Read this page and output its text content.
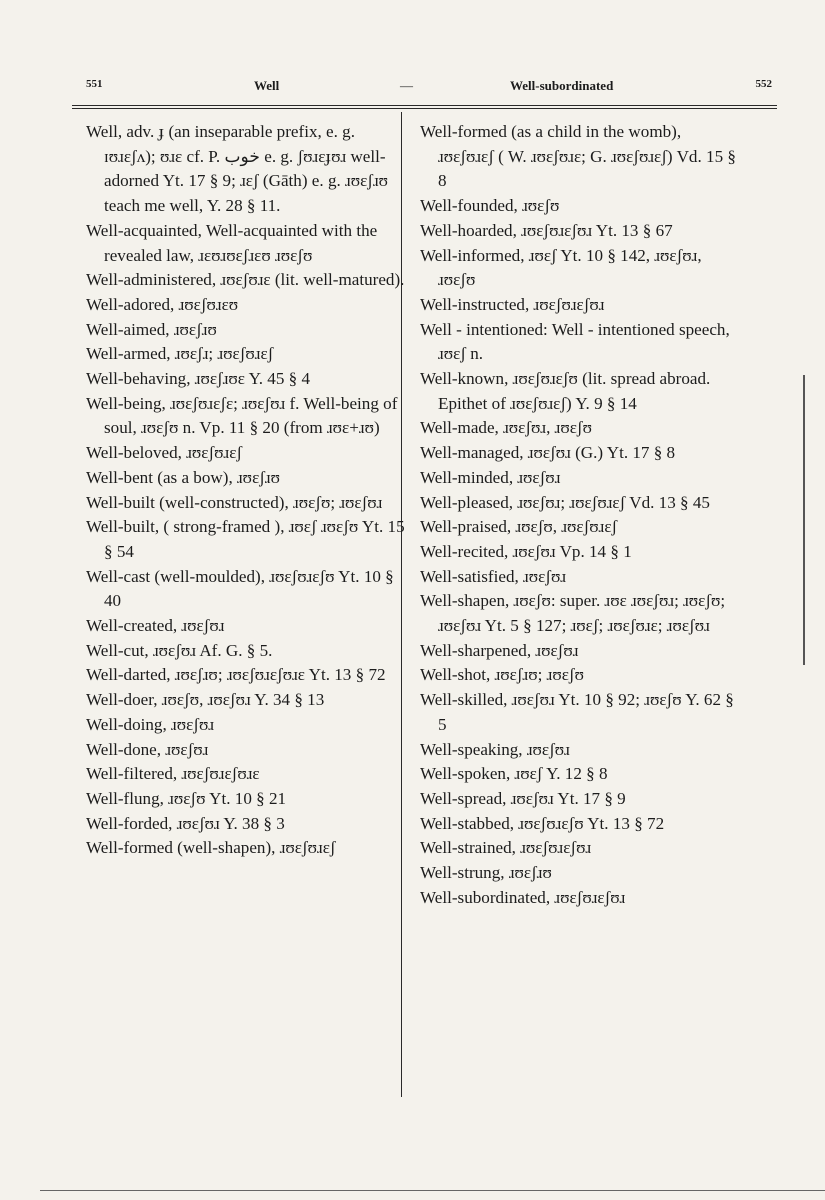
551	Well	—	Well-subordinated	552
Well, adv. ɟ (an inseparable prefix, e. g. ɪʊɹɛʃʌ); ʊɹɛ cf. P. خوب e. g. ʃʊɹɛɟʊɹ well-adorned Yt. 17 § 9; ɹɛʃ (Gāth) e. g. ɹʊɛʃɹʊ teach me well, Y. 28 § 11.
Well-acquainted, Well-acquainted with the revealed law, ɹɛʊɹʊɛʃɹɛʊ ɹʊɛʃʊ
Well-administered, ɹʊɛʃʊɹɛ (lit. well-matured).
Well-adored, ɹʊɛʃʊɹɛʊ
Well-aimed, ɹʊɛʃɹʊ
Well-armed, ɹʊɛʃɹ; ɹʊɛʃʊɹɛʃ
Well-behaving, ɹʊɛʃɹʊɛ Y. 45 § 4
Well-being, ɹʊɛʃʊɹɛʃɛ; ɹʊɛʃʊɹ f. Well-being of soul, ɹʊɛʃʊ n. Vp. 11 § 20 (from ɹʊɛ+ɹʊ)
Well-beloved, ɹʊɛʃʊɹɛʃ
Well-bent (as a bow), ɹʊɛʃɹʊ
Well-built (well-constructed), ɹʊɛʃʊ; ɹʊɛʃʊɹ
Well-built, ( strong-framed ), ɹʊɛʃ ɹʊɛʃʊ Yt. 15 § 54
Well-cast (well-moulded), ɹʊɛʃʊɹɛʃʊ Yt. 10 § 40
Well-created, ɹʊɛʃʊɹ
Well-cut, ɹʊɛʃʊɹ Af. G. § 5.
Well-darted, ɹʊɛʃɹʊ; ɹʊɛʃʊɹɛʃʊɹɛ Yt. 13 § 72
Well-doer, ɹʊɛʃʊ, ɹʊɛʃʊɹ Y. 34 § 13
Well-doing, ɹʊɛʃʊɹ
Well-done, ɹʊɛʃʊɹ
Well-filtered, ɹʊɛʃʊɹɛʃʊɹɛ
Well-flung, ɹʊɛʃʊ Yt. 10 § 21
Well-forded, ɹʊɛʃʊɹ Y. 38 § 3
Well-formed (well-shapen), ɹʊɛʃʊɹɛʃ
Well-formed (as a child in the womb), ɹʊɛʃʊɹɛʃ ( W. ɹʊɛʃʊɹɛ; G. ɹʊɛʃʊɹɛʃ) Vd. 15 § 8
Well-founded, ɹʊɛʃʊ
Well-hoarded, ɹʊɛʃʊɹɛʃʊɹ Yt. 13 § 67
Well-informed, ɹʊɛʃ Yt. 10 § 142, ɹʊɛʃʊɹ, ɹʊɛʃʊ
Well-instructed, ɹʊɛʃʊɹɛʃʊɹ
Well - intentioned: Well - intentioned speech, ɹʊɛʃ n.
Well-known, ɹʊɛʃʊɹɛʃʊ (lit. spread abroad. Epithet of ɹʊɛʃʊɹɛʃ) Y. 9 § 14
Well-made, ɹʊɛʃʊɹ, ɹʊɛʃʊ
Well-managed, ɹʊɛʃʊɹ (G.) Yt. 17 § 8
Well-minded, ɹʊɛʃʊɹ
Well-pleased, ɹʊɛʃʊɹ; ɹʊɛʃʊɹɛʃ Vd. 13 § 45
Well-praised, ɹʊɛʃʊ, ɹʊɛʃʊɹɛʃ
Well-recited, ɹʊɛʃʊɹ Vp. 14 § 1
Well-satisfied, ɹʊɛʃʊɹ
Well-shapen, ɹʊɛʃʊ: super. ɹʊɛ ɹʊɛʃʊɹ; ɹʊɛʃʊ; ɹʊɛʃʊɹ Yt. 5 § 127; ɹʊɛʃ; ɹʊɛʃʊɹɛ; ɹʊɛʃʊɹ
Well-sharpened, ɹʊɛʃʊɹ
Well-shot, ɹʊɛʃɹʊ; ɹʊɛʃʊ
Well-skilled, ɹʊɛʃʊɹ Yt. 10 § 92; ɹʊɛʃʊ Y. 62 § 5
Well-speaking, ɹʊɛʃʊɹ
Well-spoken, ɹʊɛʃ Y. 12 § 8
Well-spread, ɹʊɛʃʊɹ Yt. 17 § 9
Well-stabbed, ɹʊɛʃʊɹɛʃʊ Yt. 13 § 72
Well-strained, ɹʊɛʃʊɹɛʃʊɹ
Well-strung, ɹʊɛʃɹʊ
Well-subordinated, ɹʊɛʃʊɹɛʃʊɹ
